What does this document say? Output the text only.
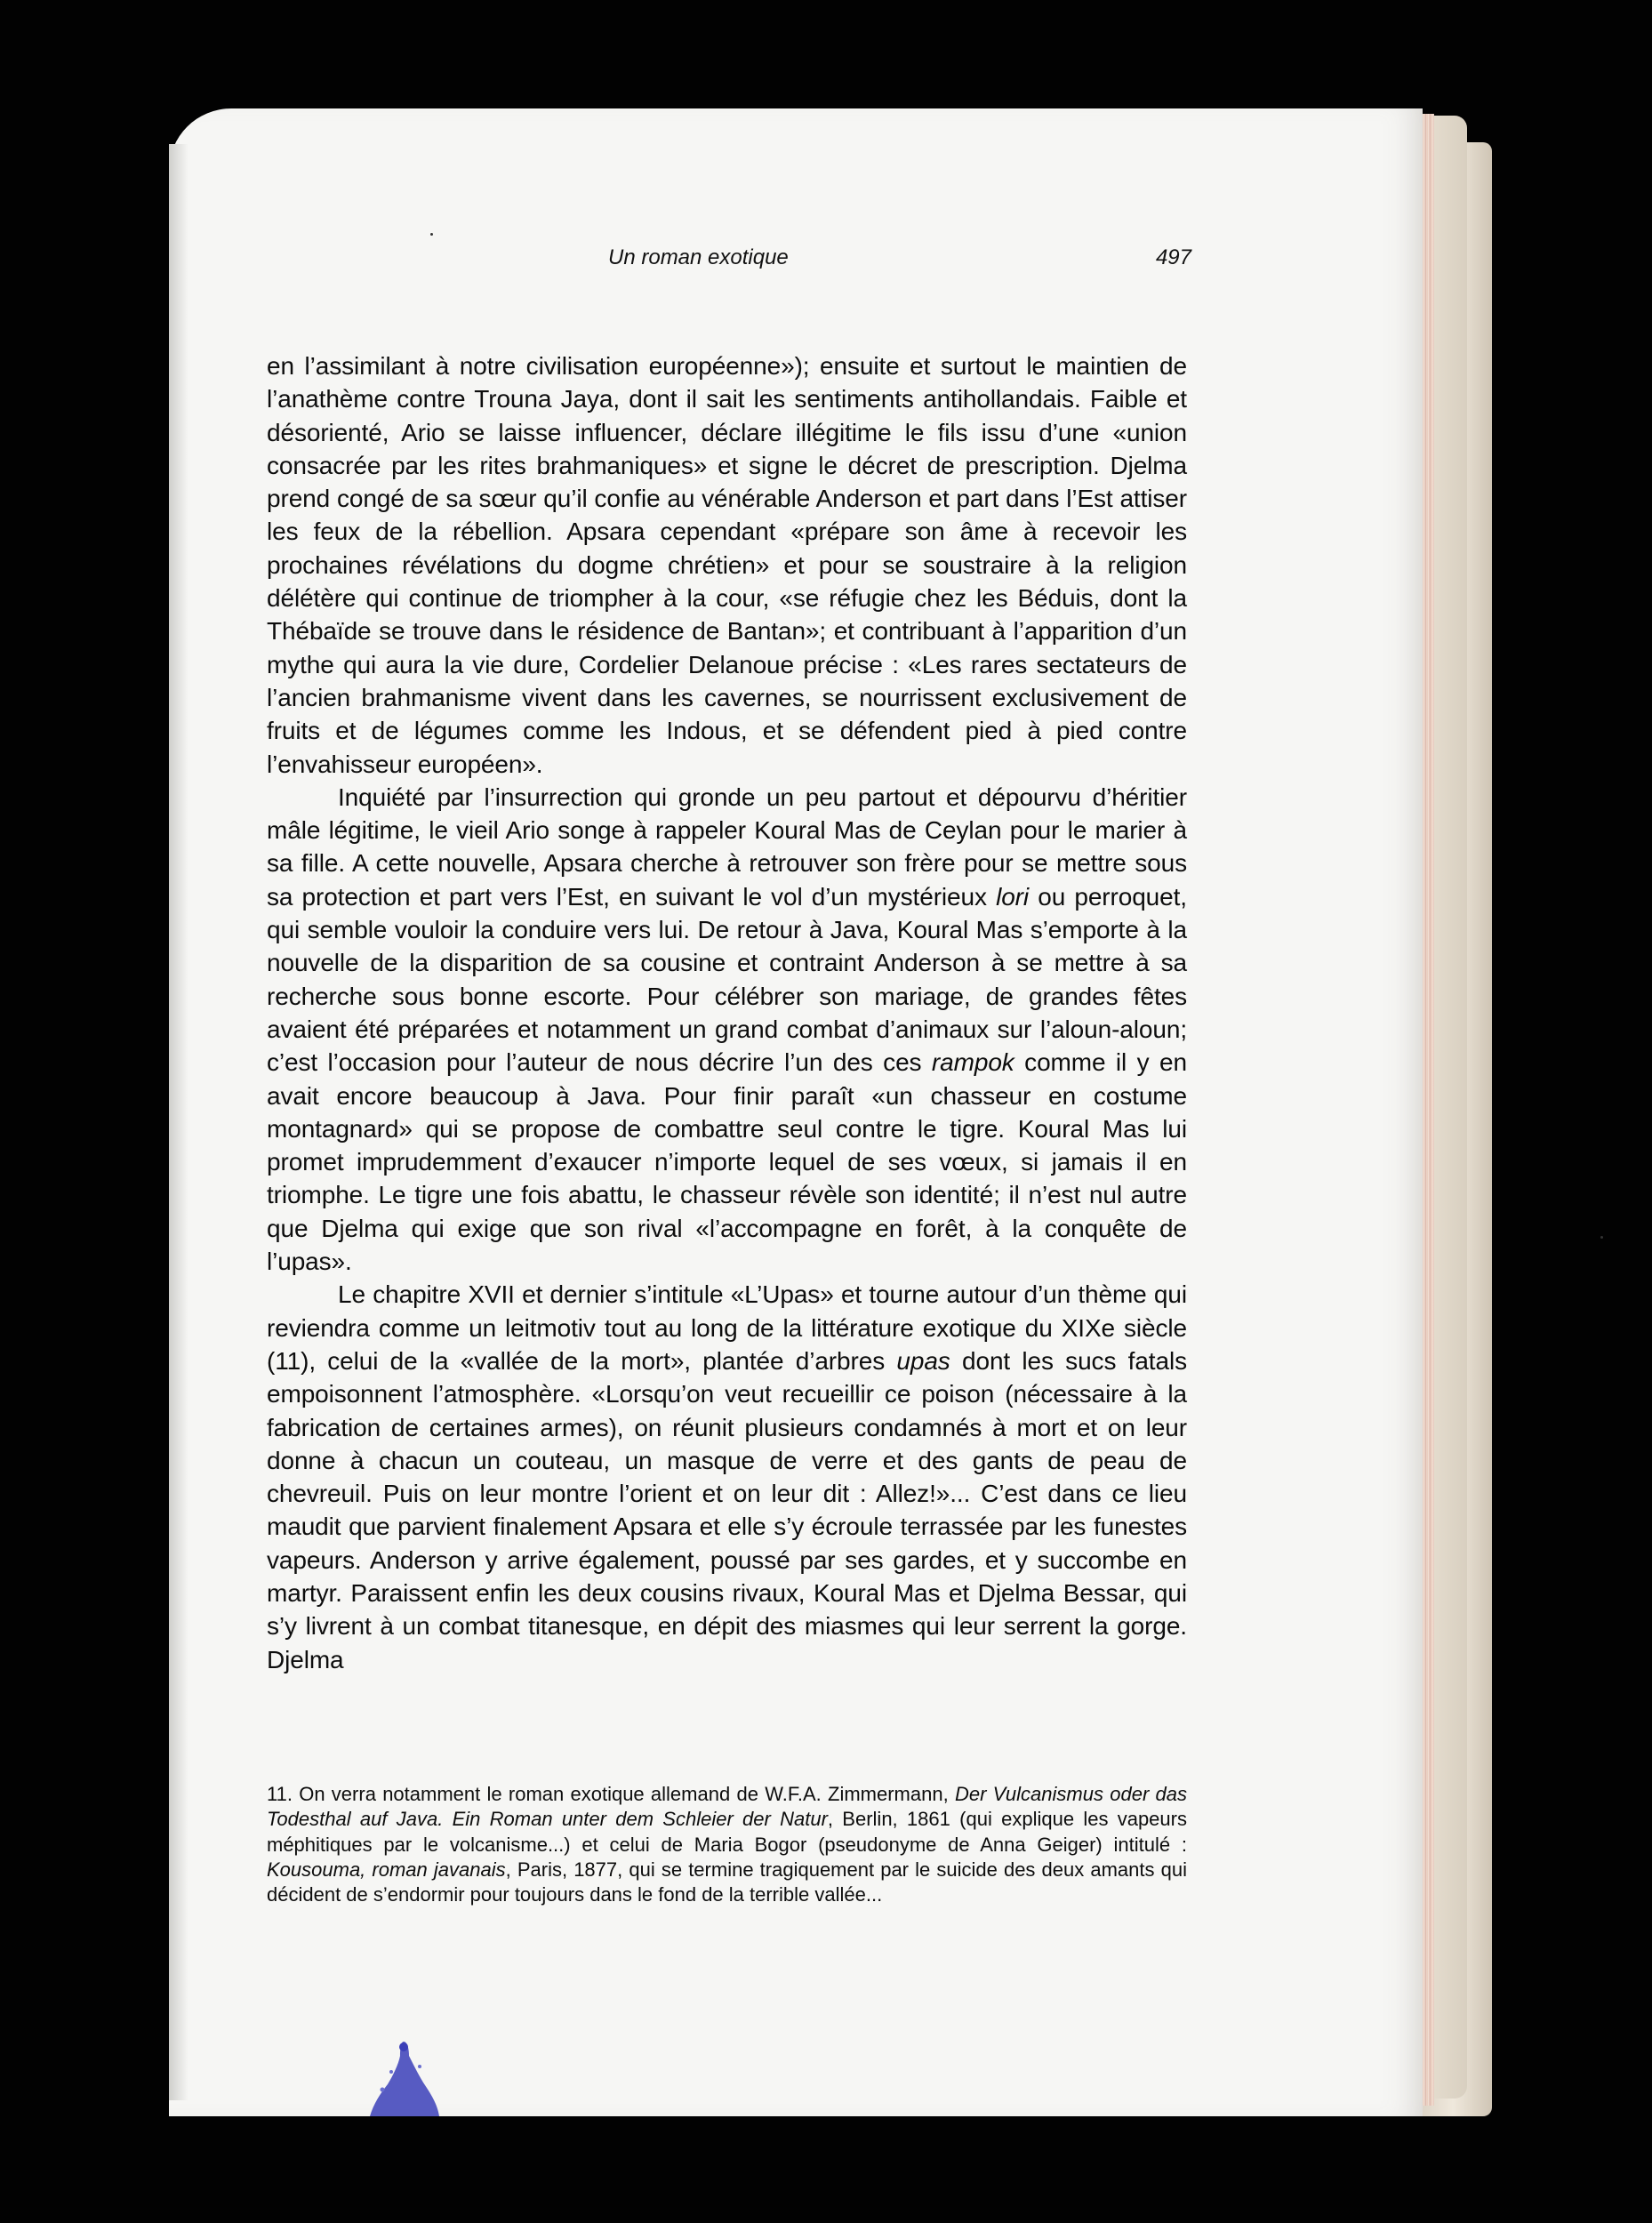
Un roman exotique	497

en l’assimilant à notre civilisation européenne»); ensuite et surtout le maintien de l’anathème contre Trouna Jaya, dont il sait les sentiments antihollandais. Faible et désorienté, Ario se laisse influencer, déclare illégitime le fils issu d’une «union consacrée par les rites brahmaniques» et signe le décret de prescription. Djelma prend congé de sa sœur qu’il confie au vénérable Anderson et part dans l’Est attiser les feux de la rébellion. Apsara cependant «prépare son âme à recevoir les prochaines révélations du dogme chrétien» et pour se soustraire à la religion délétère qui continue de triompher à la cour, «se réfugie chez les Béduis, dont la Thébaïde se trouve dans le résidence de Bantan»; et contribuant à l’apparition d’un mythe qui aura la vie dure, Cordelier Delanoue précise : «Les rares sectateurs de l’ancien brahmanisme vivent dans les cavernes, se nourrissent exclusivement de fruits et de légumes comme les Indous, et se défendent pied à pied contre l’envahisseur européen».

Inquiété par l’insurrection qui gronde un peu partout et dépourvu d’héritier mâle légitime, le vieil Ario songe à rappeler Koural Mas de Ceylan pour le marier à sa fille. A cette nouvelle, Apsara cherche à retrouver son frère pour se mettre sous sa protection et part vers l’Est, en suivant le vol d’un mystérieux lori ou perroquet, qui semble vouloir la conduire vers lui. De retour à Java, Koural Mas s’emporte à la nouvelle de la disparition de sa cousine et contraint Anderson à se mettre à sa recherche sous bonne escorte. Pour célébrer son mariage, de grandes fêtes avaient été préparées et notamment un grand combat d’animaux sur l’aloun-aloun; c’est l’occasion pour l’auteur de nous décrire l’un des ces rampok comme il y en avait encore beaucoup à Java. Pour finir paraît «un chasseur en costume montagnard» qui se propose de combattre seul contre le tigre. Koural Mas lui promet imprudemment d’exaucer n’importe lequel de ses vœux, si jamais il en triomphe. Le tigre une fois abattu, le chasseur révèle son identité; il n’est nul autre que Djelma qui exige que son rival «l’accompagne en forêt, à la conquête de l’upas».

Le chapitre XVII et dernier s’intitule «L’Upas» et tourne autour d’un thème qui reviendra comme un leitmotiv tout au long de la littérature exotique du XIXe siècle (11), celui de la «vallée de la mort», plantée d’arbres upas dont les sucs fatals empoisonnent l’atmosphère. «Lorsqu’on veut recueillir ce poison (nécessaire à la fabrication de certaines armes), on réunit plusieurs condamnés à mort et on leur donne à chacun un couteau, un masque de verre et des gants de peau de chevreuil. Puis on leur montre l’orient et on leur dit : Allez!»... C’est dans ce lieu maudit que parvient finalement Apsara et elle s’y écroule terrassée par les funestes vapeurs. Anderson y arrive également, poussé par ses gardes, et y succombe en martyr. Paraissent enfin les deux cousins rivaux, Koural Mas et Djelma Bessar, qui s’y livrent à un combat titanesque, en dépit des miasmes qui leur serrent la gorge. Djelma

11. On verra notamment le roman exotique allemand de W.F.A. Zimmermann, Der Vulcanismus oder das Todesthal auf Java. Ein Roman unter dem Schleier der Natur, Berlin, 1861 (qui explique les vapeurs méphitiques par le volcanisme...) et celui de Maria Bogor (pseudonyme de Anna Geiger) intitulé : Kousouma, roman javanais, Paris, 1877, qui se termine tragiquement par le suicide des deux amants qui décident de s’endormir pour toujours dans le fond de la terrible vallée...
